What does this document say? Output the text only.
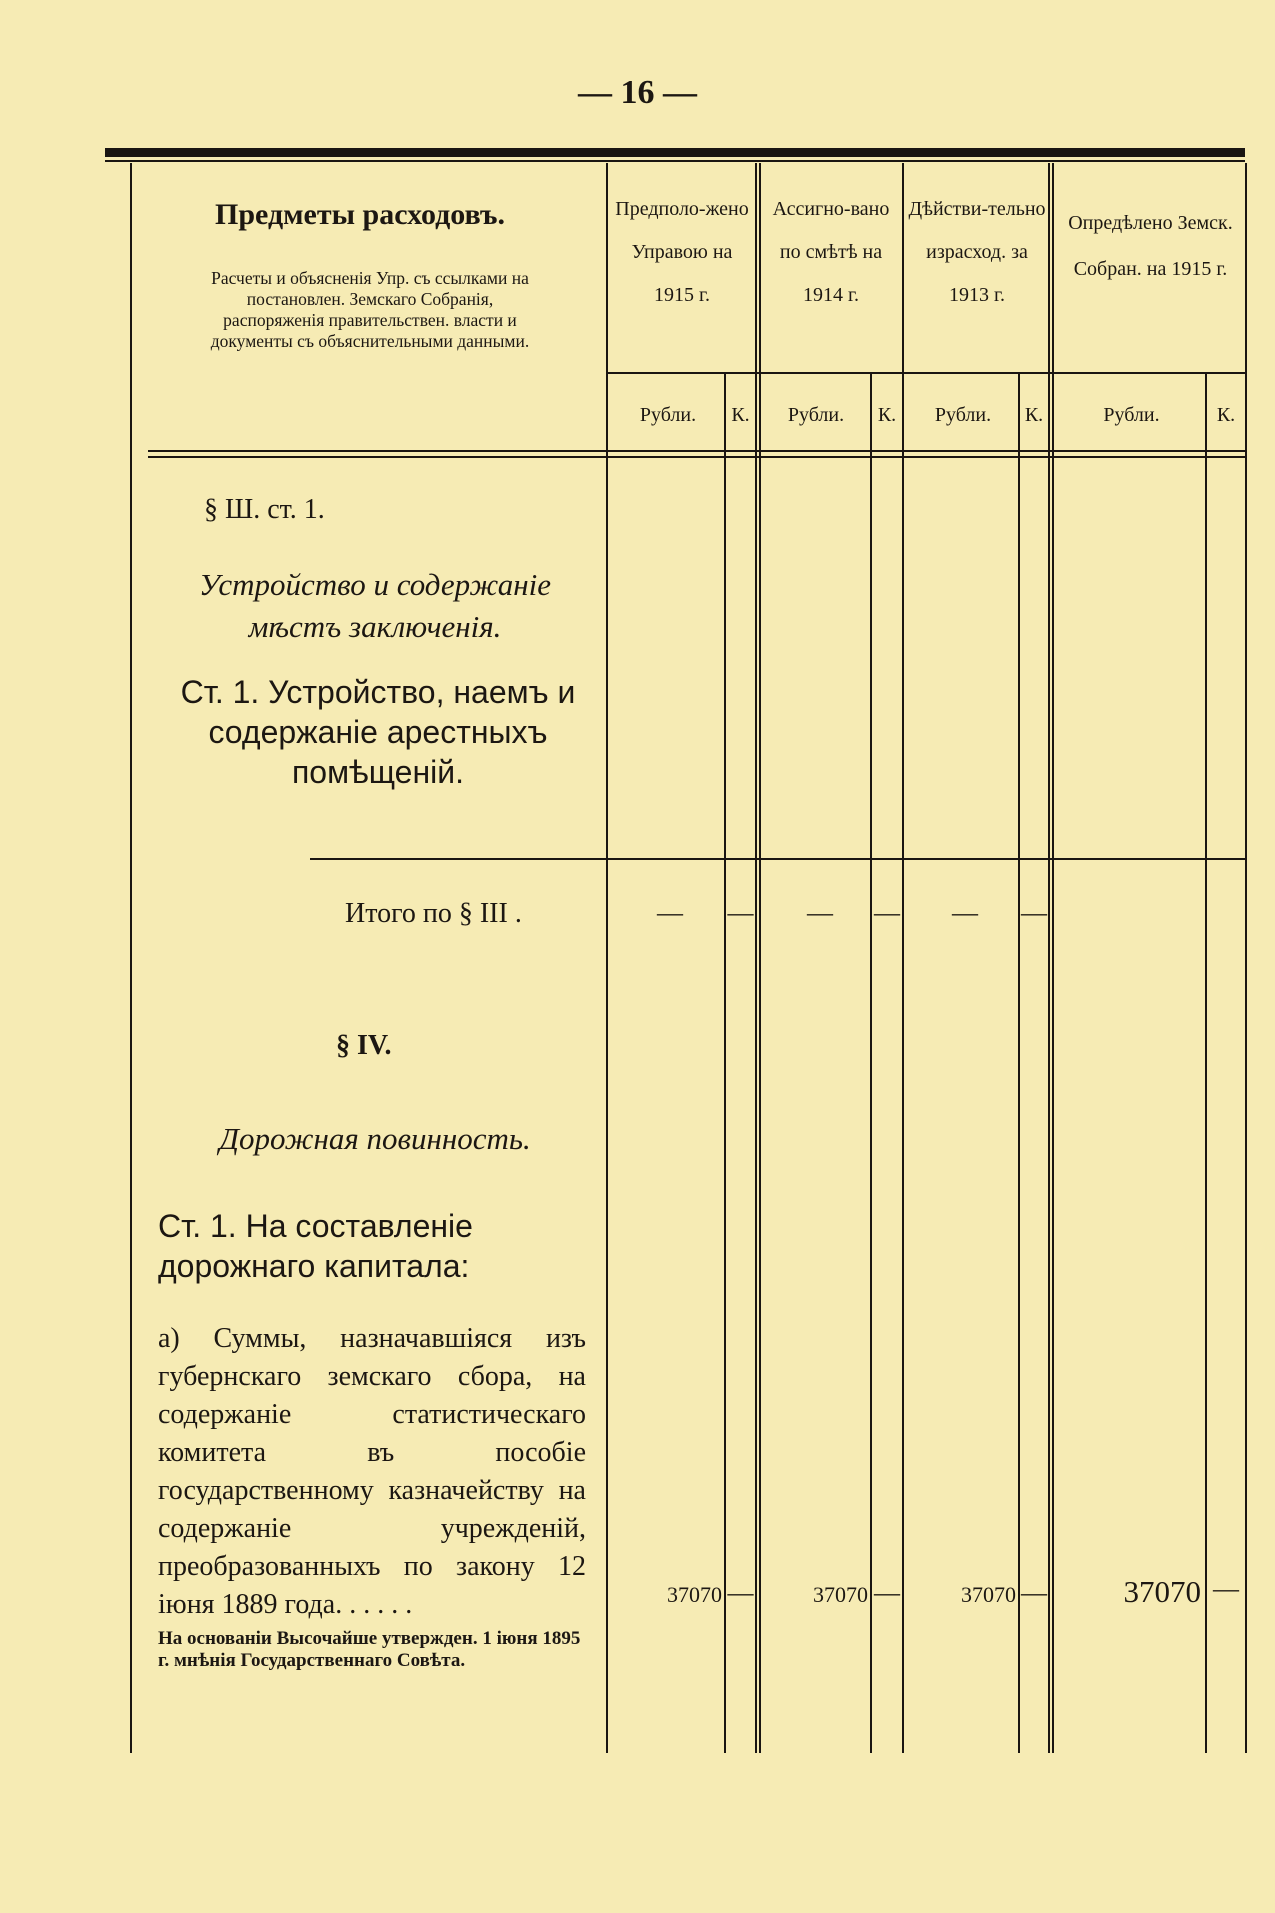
— 16 —
Предметы расходовъ.
Расчеты и объясненія Упр. съ ссылками на постановлен. Земскаго Собранія, распоряженія правительствен. власти и документы съ объяснительными данными.
Предполо-жено Управою на 1915 г.
Ассигно-вано по смѣтѣ на 1914 г.
Дѣйстви-тельно израсход. за 1913 г.
Опредѣлено Земск. Собран. на 1915 г.
Рубли.	К.	Рубли.	К.	Рубли.	К.	Рубли.	К.
§ Ш. ст. 1.
Устройство и содержаніе мѣстъ заключенія.
Ст. 1. Устройство, наемъ и содержаніе арестныхъ помѣщеній.
Итого по § III .	— — — — — —
§ IV.
Дорожная повинность.
Ст. 1. На составленіе дорожнаго капитала:
а) Суммы, назначавшіяся изъ губернскаго земскаго сбора, на содержаніе статистическаго комитета въ пособіе государственному казначейству на содержаніе учрежденій, преобразованныхъ по закону 12 іюня 1889 года. . . . . .
На основаніи Высочайше утвержден. 1 іюня 1895 г. мнѣнія Государственнаго Совѣта.
37070 —	37070 —	37070 —	37070 —
